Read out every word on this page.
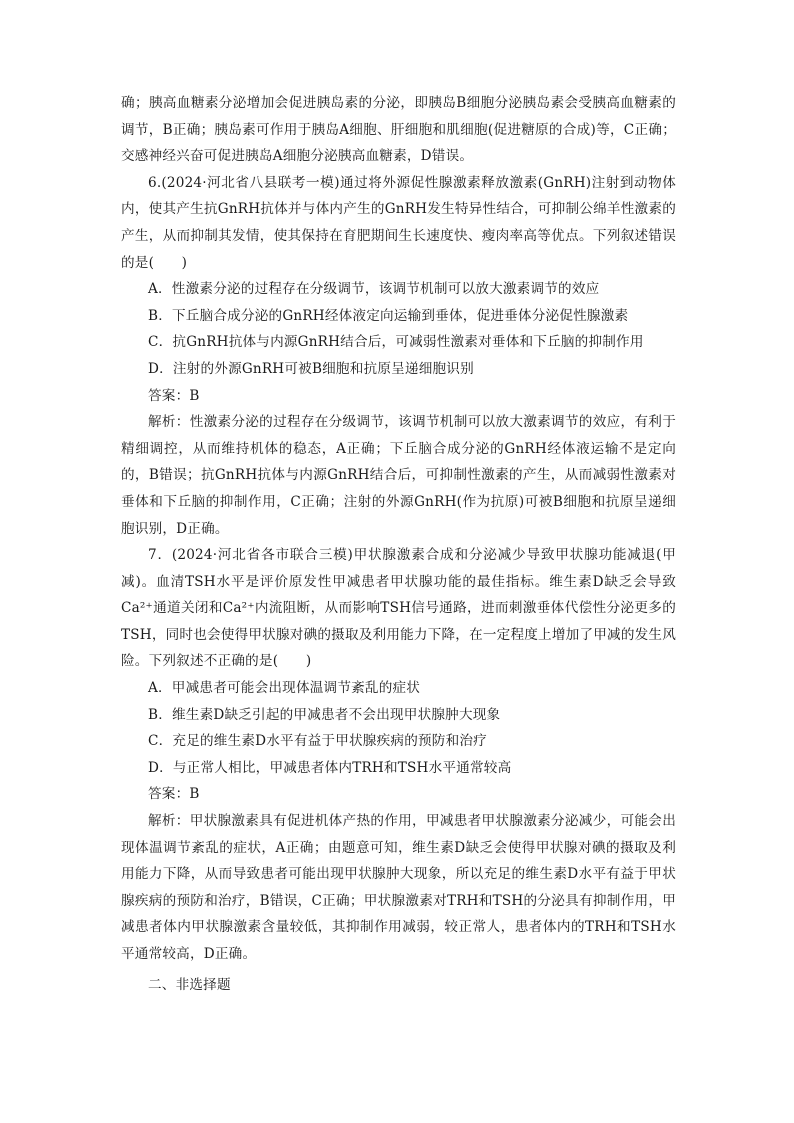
确；胰高血糖素分泌增加会促进胰岛素的分泌，即胰岛B细胞分泌胰岛素会受胰高血糖素的调节，B正确；胰岛素可作用于胰岛A细胞、肝细胞和肌细胞(促进糖原的合成)等，C正确；交感神经兴奋可促进胰岛A细胞分泌胰高血糖素，D错误。

6.(2024·河北省八县联考一模)通过将外源促性腺激素释放激素(GnRH)注射到动物体内，使其产生抗GnRH抗体并与体内产生的GnRH发生特异性结合，可抑制公绵羊性激素的产生，从而抑制其发情，使其保持在育肥期间生长速度快、瘦肉率高等优点。下列叙述错误的是(　　)

A．性激素分泌的过程存在分级调节，该调节机制可以放大激素调节的效应

B．下丘脑合成分泌的GnRH经体液定向运输到垂体，促进垂体分泌促性腺激素

C．抗GnRH抗体与内源GnRH结合后，可减弱性激素对垂体和下丘脑的抑制作用

D．注射的外源GnRH可被B细胞和抗原呈递细胞识别

答案：B

解析：性激素分泌的过程存在分级调节，该调节机制可以放大激素调节的效应，有利于精细调控，从而维持机体的稳态，A正确；下丘脑合成分泌的GnRH经体液运输不是定向的，B错误；抗GnRH抗体与内源GnRH结合后，可抑制性激素的产生，从而减弱性激素对垂体和下丘脑的抑制作用，C正确；注射的外源GnRH(作为抗原)可被B细胞和抗原呈递细胞识别，D正确。

7．(2024·河北省各市联合三模)甲状腺激素合成和分泌减少导致甲状腺功能减退(甲减)。血清TSH水平是评价原发性甲减患者甲状腺功能的最佳指标。维生素D缺乏会导致Ca²⁺通道关闭和Ca²⁺内流阻断，从而影响TSH信号通路，进而刺激垂体代偿性分泌更多的TSH，同时也会使得甲状腺对碘的摄取及利用能力下降，在一定程度上增加了甲减的发生风险。下列叙述不正确的是(　　)

A．甲减患者可能会出现体温调节紊乱的症状

B．维生素D缺乏引起的甲减患者不会出现甲状腺肿大现象

C．充足的维生素D水平有益于甲状腺疾病的预防和治疗

D．与正常人相比，甲减患者体内TRH和TSH水平通常较高

答案：B

解析：甲状腺激素具有促进机体产热的作用，甲减患者甲状腺激素分泌减少，可能会出现体温调节紊乱的症状，A正确；由题意可知，维生素D缺乏会使得甲状腺对碘的摄取及利用能力下降，从而导致患者可能出现甲状腺肿大现象，所以充足的维生素D水平有益于甲状腺疾病的预防和治疗，B错误，C正确；甲状腺激素对TRH和TSH的分泌具有抑制作用，甲减患者体内甲状腺激素含量较低，其抑制作用减弱，较正常人，患者体内的TRH和TSH水平通常较高，D正确。

二、非选择题
